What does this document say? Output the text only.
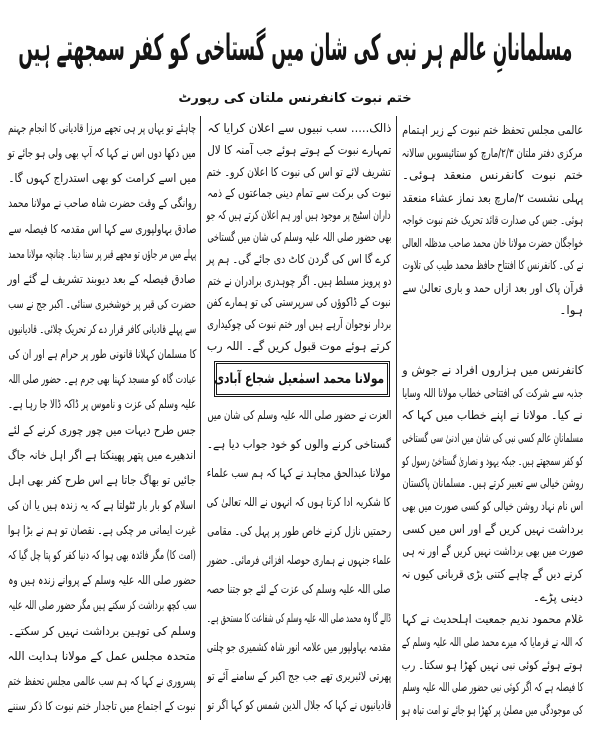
مسلمانانِ عالم ہر نبی کی شان میں گستاخی کو کفر سمجھتے ہیں
ختم نبوت کانفرنس ملتان کی رپورٹ
عالمی مجلس تحفظ ختم نبوت کے زیر اہتمام
مرکزی دفتر ملتان ۲/۳/مارچ کو ستائیسویں سالانہ
ختم نبوت کانفرنس منعقد ہوئی۔
پہلی نشست ۲/مارچ بعد نماز عشاء منعقد
ہوئی۔ جس کی صدارت قائد تحریک ختم نبوت خواجہ
خواجگان حضرت مولانا خان محمد صاحب مدظلہ العالی
نے کی۔ کانفرنس کا افتتاح حافظ محمد طیب کی تلاوت
قرآن پاک اور بعد ازاں حمد و باری تعالیٰ سے
ہوا۔
کانفرنس میں ہزاروں افراد نے جوش و
جذبہ سے شرکت کی افتتاحی خطاب مولانا اللہ وسایا
نے کیا۔ مولانا نے اپنے خطاب میں کہا کہ
مسلمانانِ عالم کسی نبی کی شان میں ادنیٰ سی گستاخی
کو کفر سمجھتے ہیں۔ جبکہ یہود و نصاریٰ گستاخیٔ رسول کو
روشن خیالی سے تعبیر کرتے ہیں۔ مسلمانان پاکستان
اس نام نہاد روشن خیالی کو کسی صورت میں بھی
برداشت نہیں کریں گے اور اس میں کسی
صورت میں بھی برداشت نہیں کریں گے اور نہ ہی
کرنے دیں گے چاہے کتنی بڑی قربانی کیوں نہ
دینی پڑے۔
غلام محمود ندیم جمعیت اہلحدیث نے کہا
کہ اللہ نے فرمایا کہ میرے محمد صلی اللہ علیہ وسلم کے
ہوتے ہوئے کوئی نبی نہیں کھڑا ہو سکتا۔ رب
کا فیصلہ ہے کہ اگر کوئی نبی حضور صلی اللہ علیہ وسلم
کی موجودگی میں مصلیٰ پر کھڑا ہو جائے تو امت تباہ ہو
ذالک..... سب نبیوں سے اعلان کرایا کہ
تمہارے نبوت کے ہوتے ہوئے جب آمنہ کا لال
تشریف لائے تو اس کی نبوت کا اعلان کرو۔ ختم
نبوت کی برکت سے تمام دینی جماعتوں کے ذمہ
داران اسٹیج پر موجود ہیں اور ہم اعلان کرتے ہیں کہ جو
بھی حضور صلی اللہ علیہ وسلم کی شان میں گستاخی
کرے گا اس کی گردن کاٹ دی جائے گی۔ ہم پر
دو پرویز مسلط ہیں۔ اگر چوہدری برادران نے ختم
نبوت کے ڈاکوؤں کی سرپرستی کی تو ہمارے کفن
بردار نوجوان آرہے ہیں اور ختم نبوت کی چوکیداری
کرتے ہوئے موت قبول کریں گے۔ اللہ رب
مولانا محمد اسمٰعیل شجاع آبادی
العزت نے حضور صلی اللہ علیہ وسلم کی شان میں
گستاخی کرنے والوں کو خود جواب دیا ہے۔
مولانا عبدالحق مجاہد نے کہا کہ ہم سب علماء
کا شکریہ ادا کرتا ہوں کہ انہوں نے اللہ تعالیٰ کی
رحمتیں نازل کرنے خاص طور پر پہل کی۔ مقامی
علماء جنہوں نے ہماری حوصلہ افزائی فرمائی۔ حضور
صلی اللہ علیہ وسلم کی عزت کے لئے جو جتنا حصہ
ڈالے گا وہ محمد صلی اللہ علیہ وسلم کی شفاعت کا مستحق ہے۔
مقدمہ بہاولپور میں علامہ انور شاہ کشمیری جو چلتی
پھرتی لائبریری تھے جب جج اکبر کے سامنے آئے تو
قادیانیوں نے کہا کہ جلال الدین شمس کو کہا اگر تو
چاہئے تو یہاں پر ہی تجھے مرزا قادیانی کا انجام جہنم
میں دکھا دوں اس نے کہا کہ آپ بھی ولی ہو جائے تو
میں اسے کرامت کو بھی استدراج کہوں گا۔
روانگی کے وقت حضرت شاہ صاحب نے مولانا محمد
صادق بہاولپوری سے کہا اس مقدمہ کا فیصلہ سے
پہلے میں مر جاؤں تو مجھے قبر پر سنا دینا۔ چنانچہ مولانا محمد
صادق فیصلہ کے بعد دیوبند تشریف لے گئے اور
حضرت کی قبر پر خوشخبری سنائی۔ اکبر جج نے سب
سے پہلے قادیانی کافر قرار دے کر تحریک چلائی۔ قادیانیوں
کا مسلمان کہلانا قانونی طور پر حرام ہے اور ان کی
عبادت گاہ کو مسجد کہنا بھی جرم ہے۔ حضور صلی اللہ
علیہ وسلم کی عزت و ناموس پر ڈاکہ ڈالا جا رہا ہے۔
جس طرح دیہات میں چور چوری کرنے کے لئے
اندھیرے میں پتھر پھینکتا ہے اگر اہل خانہ جاگ
جائیں تو بھاگ جاتا ہے اس طرح کفر بھی اہل
اسلام کو بار بار ٹٹولتا ہے کہ یہ زندہ ہیں یا ان کی
غیرت ایمانی مر چکی ہے۔ نقصان تو ہم نے بڑا ہوا
(امت کا) مگر فائدہ بھی ہوا کہ دنیا کفر کو پتا چل گیا کہ
حضور صلی اللہ علیہ وسلم کے پروانے زندہ ہیں وہ
سب کچھ برداشت کر سکتے ہیں مگر حضور صلی اللہ علیہ
وسلم کی توہین برداشت نہیں کر سکتے۔
متحدہ مجلس عمل کے مولانا ہدایت اللہ
پسروری نے کہا کہ ہم سب عالمی مجلس تحفظ ختم
نبوت کے اجتماع میں تاجدار ختم نبوت کا ذکر سننے
